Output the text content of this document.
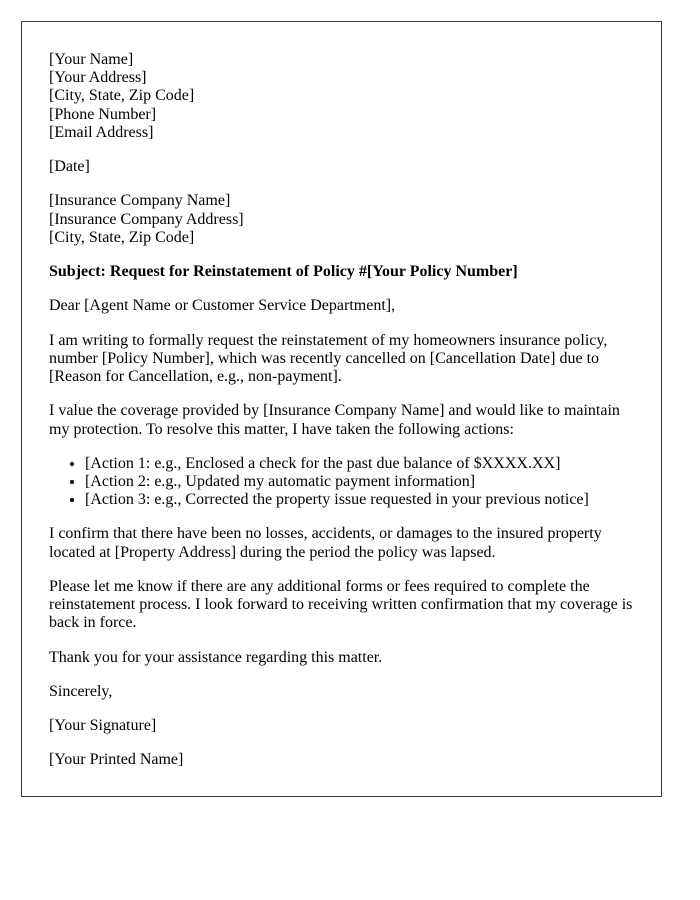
[Your Name]
[Your Address]
[City, State, Zip Code]
[Phone Number]
[Email Address]

[Date]

[Insurance Company Name]
[Insurance Company Address]
[City, State, Zip Code]

Subject: Request for Reinstatement of Policy #[Your Policy Number]

Dear [Agent Name or Customer Service Department],

I am writing to formally request the reinstatement of my homeowners insurance policy, number [Policy Number], which was recently cancelled on [Cancellation Date] due to [Reason for Cancellation, e.g., non-payment].

I value the coverage provided by [Insurance Company Name] and would like to maintain my protection. To resolve this matter, I have taken the following actions:

• [Action 1: e.g., Enclosed a check for the past due balance of $XXXX.XX]
• [Action 2: e.g., Updated my automatic payment information]
• [Action 3: e.g., Corrected the property issue requested in your previous notice]

I confirm that there have been no losses, accidents, or damages to the insured property located at [Property Address] during the period the policy was lapsed.

Please let me know if there are any additional forms or fees required to complete the reinstatement process. I look forward to receiving written confirmation that my coverage is back in force.

Thank you for your assistance regarding this matter.

Sincerely,

[Your Signature]

[Your Printed Name]
